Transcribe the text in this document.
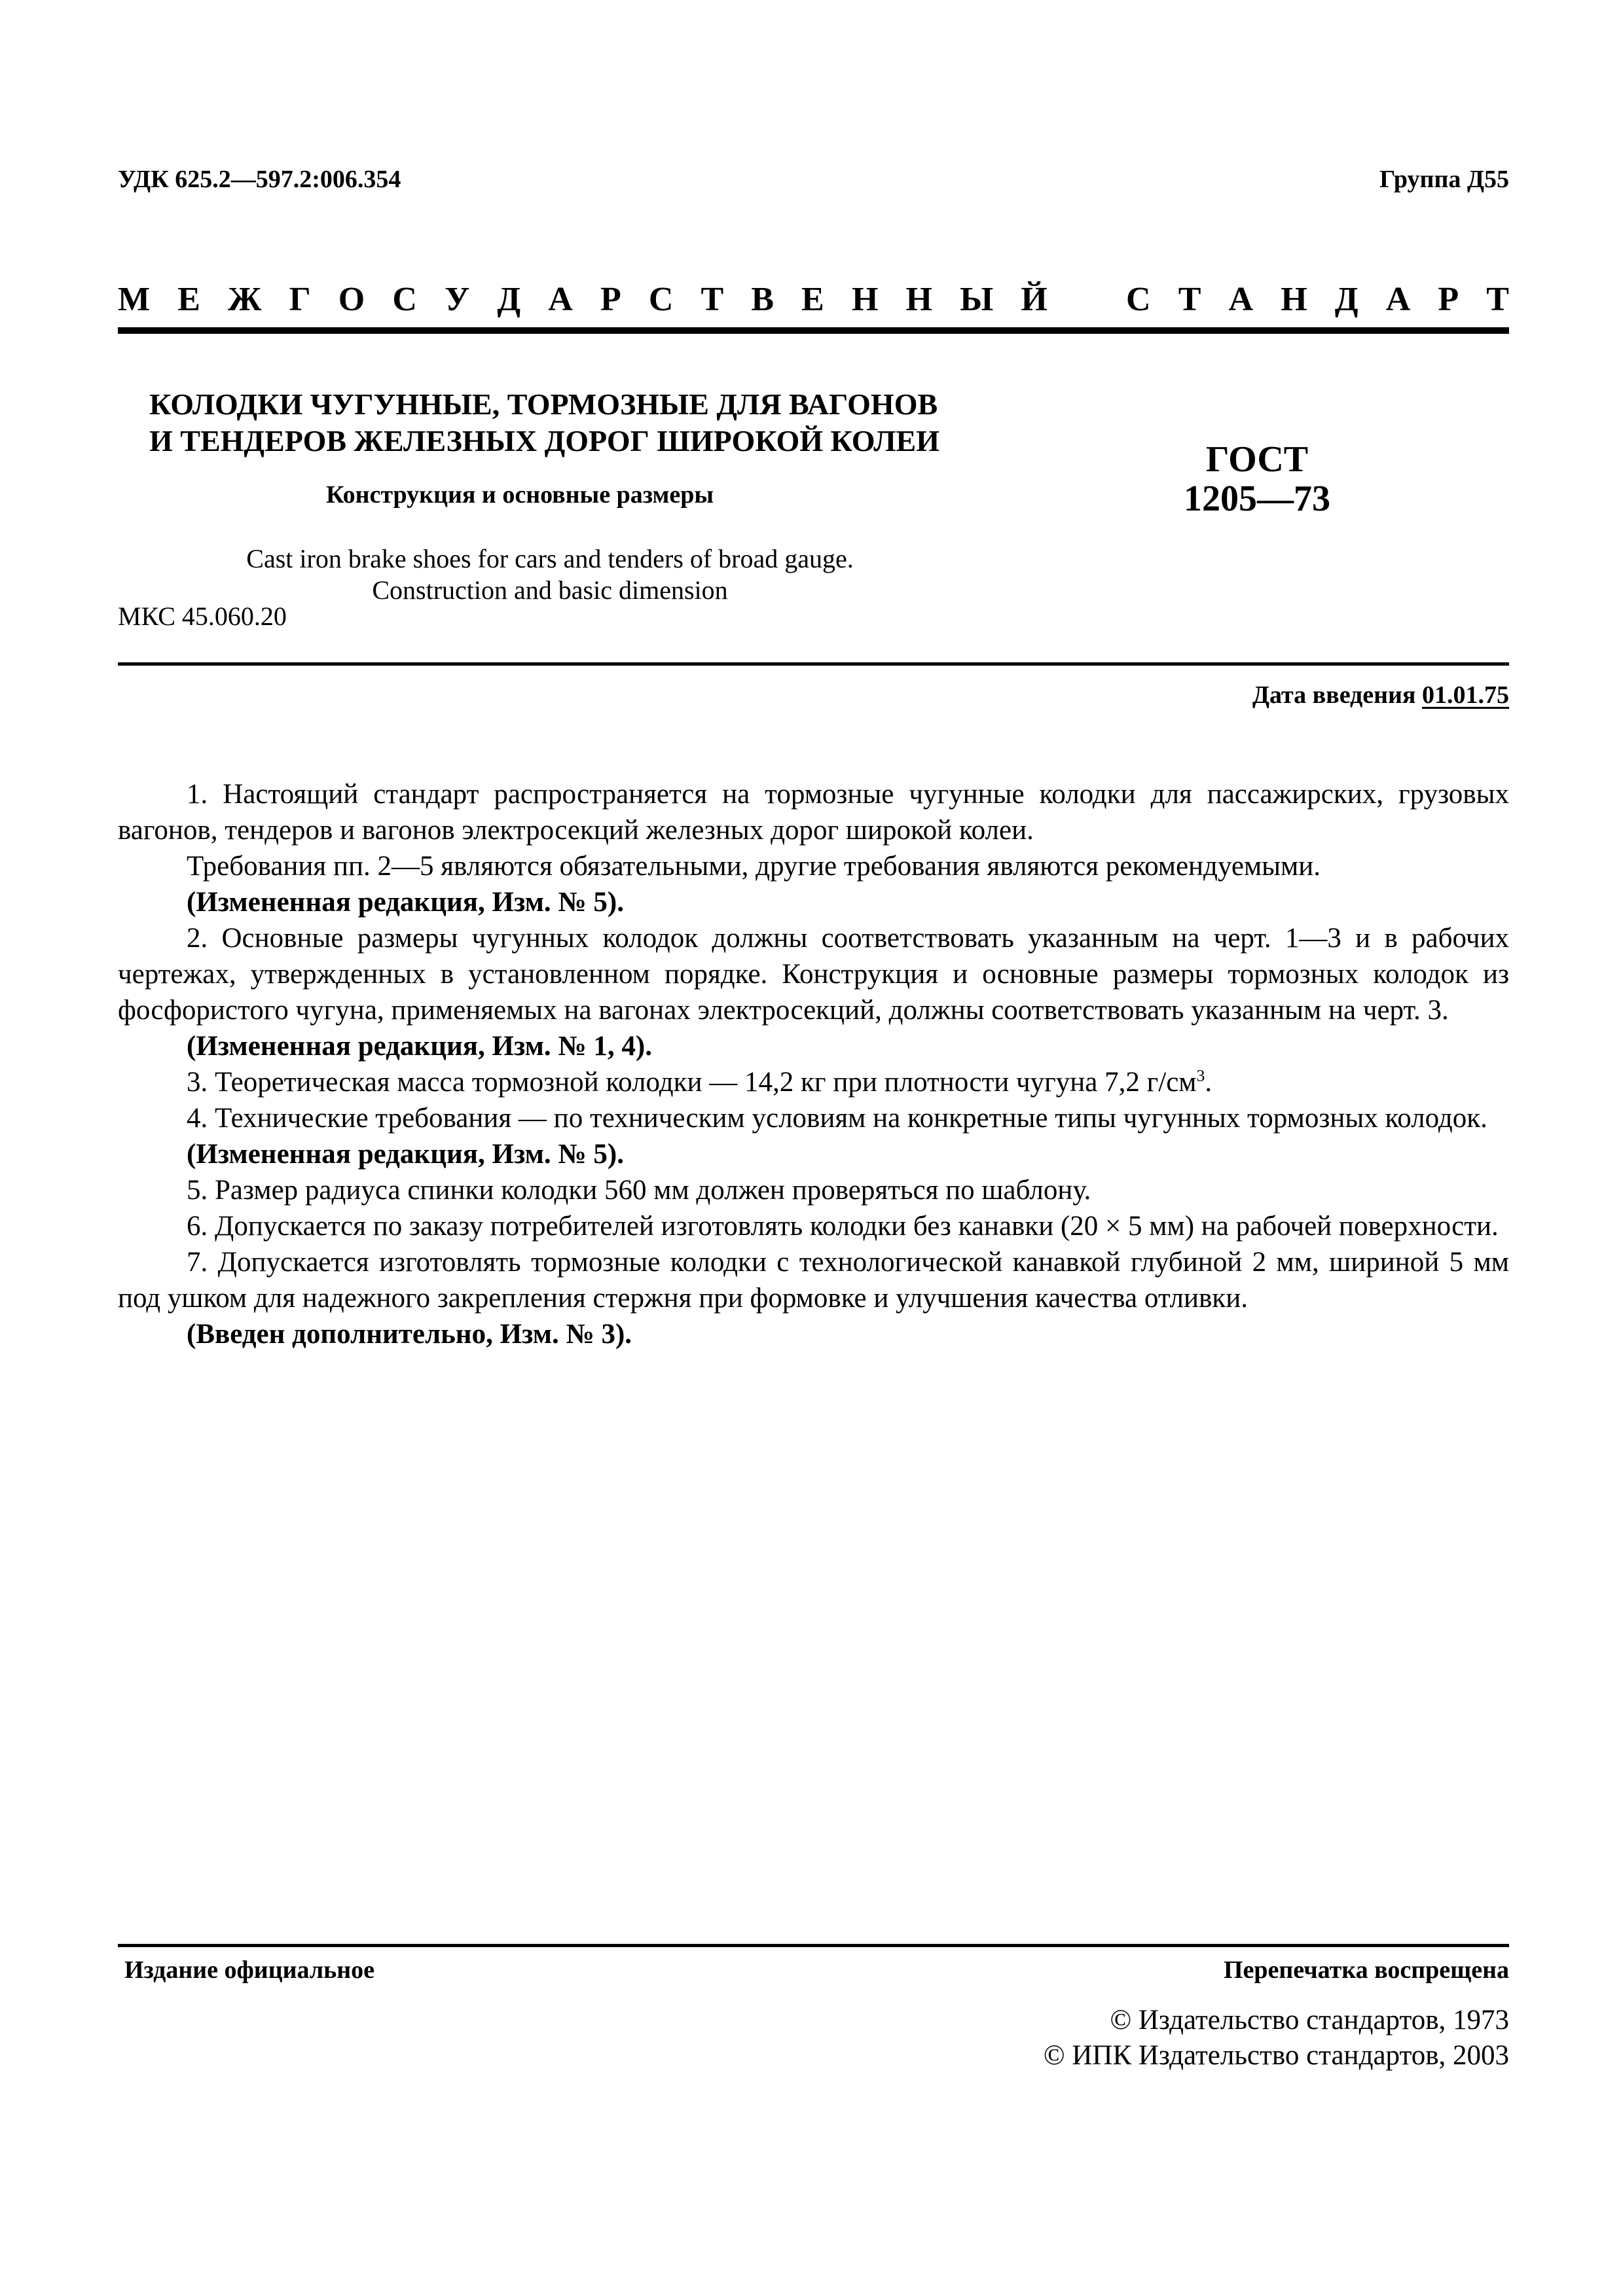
УДК 625.2—597.2:006.354	Группа Д55
М Е Ж Г О С У Д А Р С Т В Е Н Н Ы Й С Т А Н Д А Р Т
КОЛОДКИ ЧУГУННЫЕ, ТОРМОЗНЫЕ ДЛЯ ВАГОНОВ
И ТЕНДЕРОВ ЖЕЛЕЗНЫХ ДОРОГ ШИРОКОЙ КОЛЕИ
Конструкция и основные размеры
ГОСТ
1205—73
Cast iron brake shoes for cars and tenders of broad gauge.
Construction and basic dimension
МКС 45.060.20
Дата введения 01.01.75

1. Настоящий стандарт распространяется на тормозные чугунные колодки для пассажирских, грузовых вагонов, тендеров и вагонов электросекций железных дорог широкой колеи.

Требования пп. 2—5 являются обязательными, другие требования являются рекомендуемыми.

(Измененная редакция, Изм. № 5).

2. Основные размеры чугунных колодок должны соответствовать указанным на черт. 1—3 и в рабочих чертежах, утвержденных в установленном порядке. Конструкция и основные размеры тормозных колодок из фосфористого чугуна, применяемых на вагонах электросекций, должны соответствовать указанным на черт. 3.

(Измененная редакция, Изм. № 1, 4).

3. Теоретическая масса тормозной колодки — 14,2 кг при плотности чугуна 7,2 $г/см^3$.

4. Технические требования — по техническим условиям на конкретные типы чугунных тормозных колодок.

(Измененная редакция, Изм. № 5).

5. Размер радиуса спинки колодки 560 мм должен проверяться по шаблону.

6. Допускается по заказу потребителей изготовлять колодки без канавки (20 × 5 мм) на рабочей поверхности.

7. Допускается изготовлять тормозные колодки с технологической канавкой глубиной 2 мм, шириной 5 мм под ушком для надежного закрепления стержня при формовке и улучшения качества отливки.

(Введен дополнительно, Изм. № 3).

Издание официальное	Перепечатка воспрещена
© Издательство стандартов, 1973
© ИПК Издательство стандартов, 2003
